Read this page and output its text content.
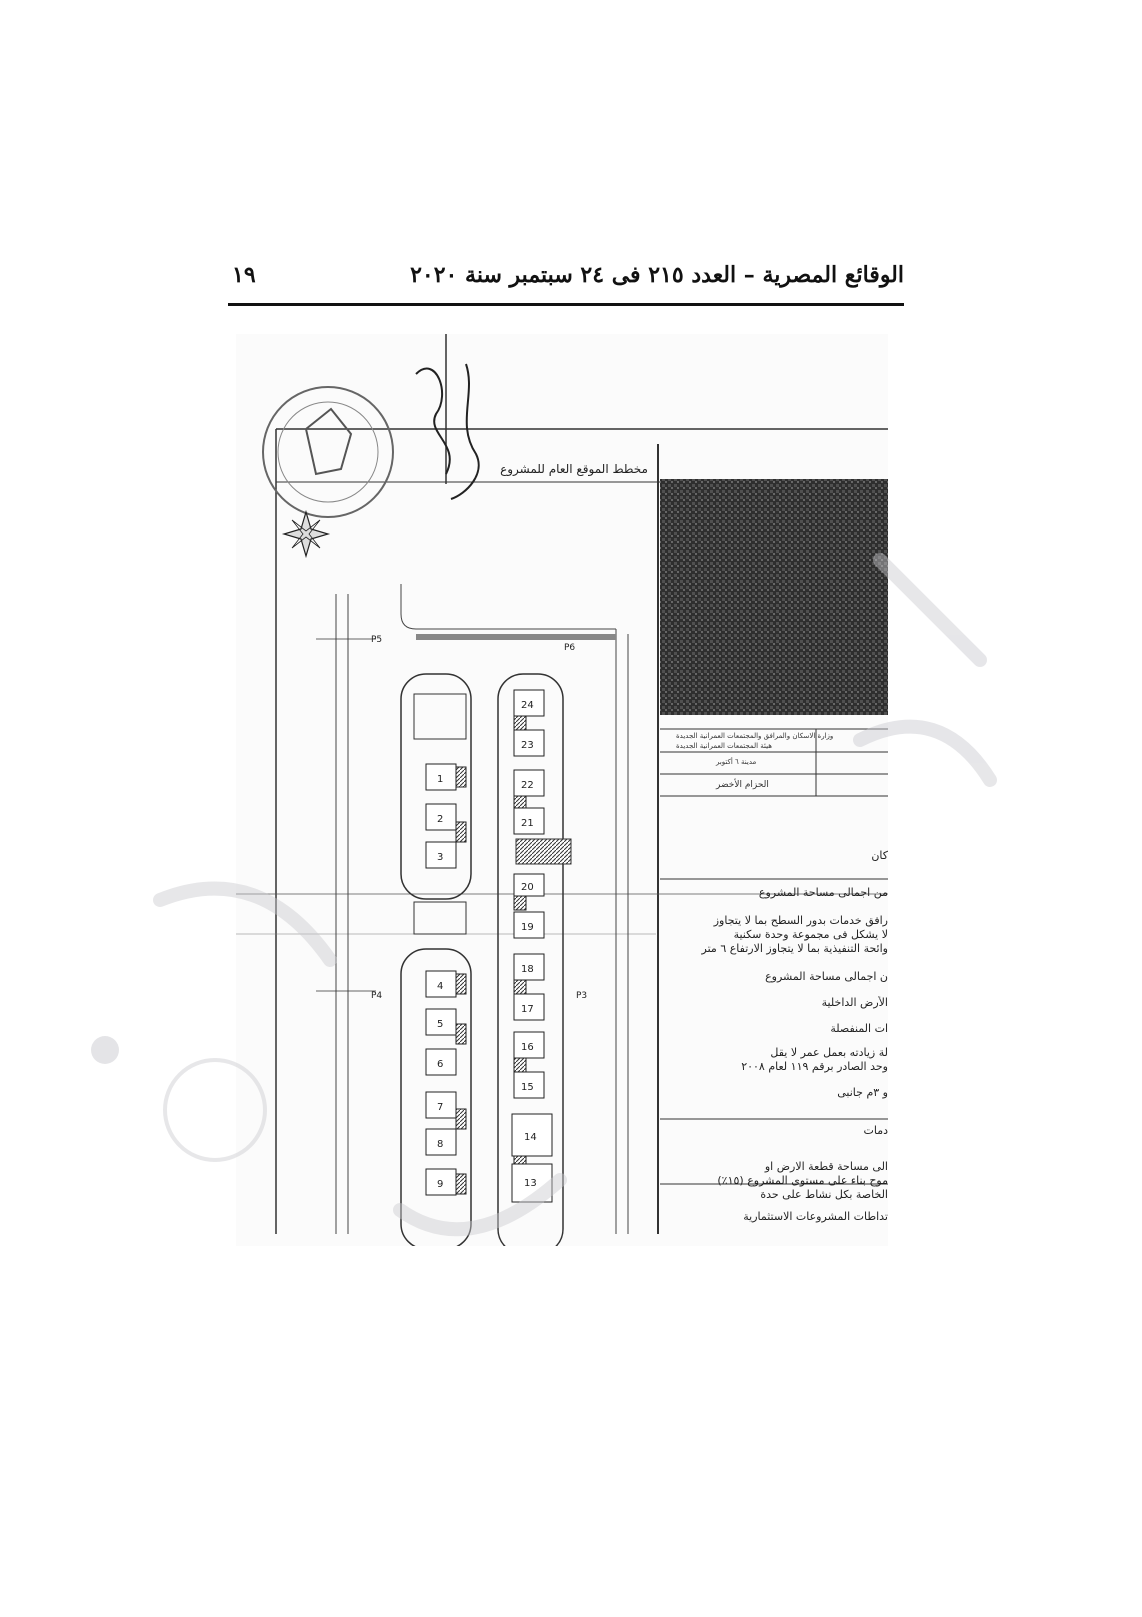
الوقائع المصرية – العدد ٢١٥ فى ٢٤ سبتمبر سنة ٢٠٢٠
١٩
1
2
3
4
5
6
7
8
9
24
23
22
21
20
19
18
17
16
15
14
13
P5
P6
P4	P3
مخطط الموقع العام للمشروع
وزارة الاسكان والمرافق والمجتمعات العمرانية الجديدة
هيئة المجتمعات العمرانية الجديدة
مدينة ٦ أكتوبر
الحزام الأخضر
كان
من اجمالى مساحة المشروع
رافق خدمات بدور السطح بما لا يتجاوز
لا يشكل فى مجموعة وحدة سكنية
وائحة التنفيذية بما لا يتجاوز الارتفاع ٦ متر
ن اجمالى مساحة المشروع
الأرض الداخلية
ات المنفصلة
لة زيادته بعمل عمر لا يقل
وحد الصادر برقم ١١٩ لعام ٢٠٠٨
و ٣م جانبى
دمات
الى مساحة قطعة الارض او
موح بناء على مستوى المشروع (١٥٪)
الخاصة بكل نشاط على حدة
تداطات المشروعات الاستثمارية
